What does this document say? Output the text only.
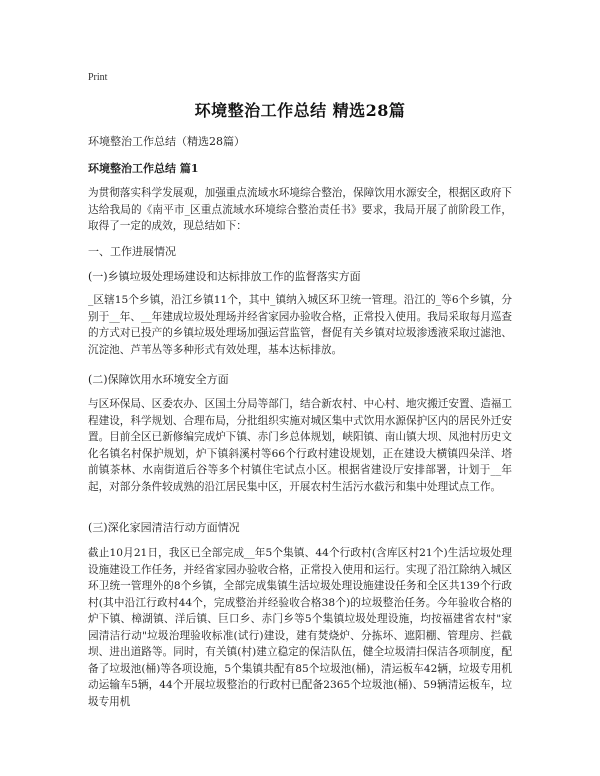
Print
环境整治工作总结 精选28篇
环境整治工作总结（精选28篇）
环境整治工作总结 篇1
为贯彻落实科学发展观，加强重点流域水环境综合整治，保障饮用水源安全，根据区政府下达给我局的《南平市_区重点流域水环境综合整治责任书》要求，我局开展了前阶段工作，取得了一定的成效，现总结如下：
一、工作进展情况
(一)乡镇垃圾处理场建设和达标排放工作的监督落实方面
_区辖15个乡镇，沿江乡镇11个，其中_镇纳入城区环卫统一管理。沿江的_等6个乡镇，分别于__年、__年建成垃圾处理场并经省家园办验收合格，正常投入使用。我局采取每月巡查的方式对已投产的乡镇垃圾处理场加强运营监管，督促有关乡镇对垃圾渗透液采取过滤池、沉淀池、芦苇丛等多种形式有效处理，基本达标排放。
(二)保障饮用水环境安全方面
与区环保局、区委农办、区国土分局等部门，结合新农村、中心村、地灾搬迁安置、造福工程建设，科学规划、合理布局，分批组织实施对城区集中式饮用水源保护区内的居民外迁安置。目前全区已新修编完成炉下镇、赤门乡总体规划，峡阳镇、南山镇大坝、凤池村历史文化名镇名村保护规划，炉下镇斜溪村等66个行政村建设规划，正在建设大横镇四朵洋、塔前镇茶林、水南街道后谷等多个村镇住宅试点小区。根据省建设厅安排部署，计划于__年起，对部分条件较成熟的沿江居民集中区，开展农村生活污水截污和集中处理试点工作。
(三)深化家园清洁行动方面情况
截止10月21日，我区已全部完成__年5个集镇、44个行政村(含库区村21个)生活垃圾处理设施建设工作任务，并经省家园办验收合格，正常投入使用和运行。实现了沿江除纳入城区环卫统一管理外的8个乡镇，全部完成集镇生活垃圾处理设施建设任务和全区共139个行政村(其中沿江行政村44个，完成整治并经验收合格38个)的垃圾整治任务。今年验收合格的炉下镇、樟湖镇、洋后镇、巨口乡、赤门乡等5个集镇垃圾处理设施，均按福建省农村"家园清洁行动"垃圾治理验收标准(试行)建设，建有焚烧炉、分拣坏、遮阳棚、管理房、拦截坝、进出道路等。同时，有关镇(村)建立稳定的保洁队伍，健全垃圾清扫保洁各项制度，配备了垃圾池(桶)等各项设施，5个集镇共配有85个垃圾池(桶)，清运板车42辆，垃圾专用机动运输车5辆，44个开展垃圾整治的行政村已配备2365个垃圾池(桶)、59辆清运板车，垃圾专用机
